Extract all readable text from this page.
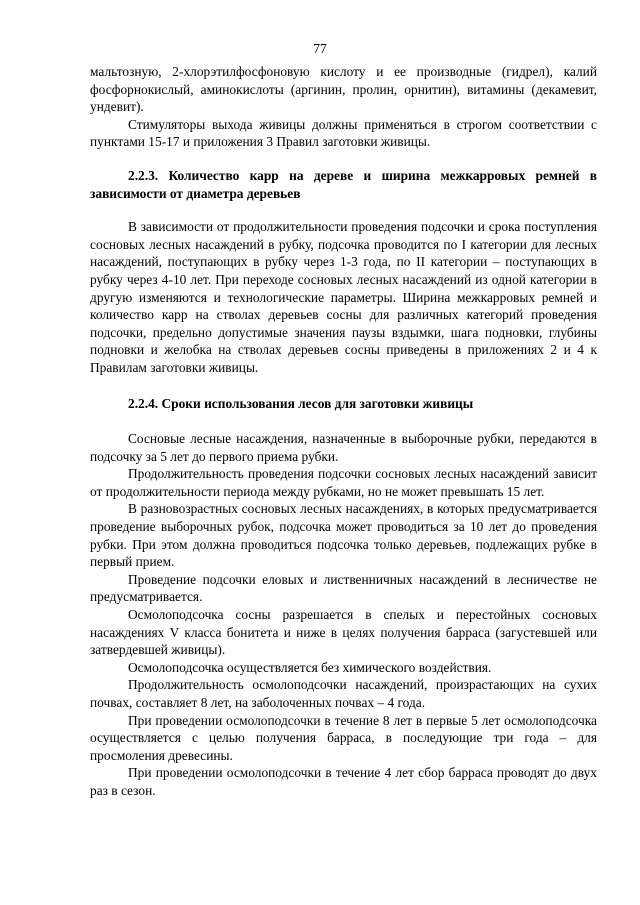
77

мальтозную, 2-хлорэтилфосфоновую кислоту и ее производные (гидрел), калий фосфорнокислый, аминокислоты (аргинин, пролин, орнитин), витамины (декамевит, ундевит).

Стимуляторы выхода живицы должны применяться в строгом соответствии с пунктами 15-17 и приложения 3 Правил заготовки живицы.

2.2.3. Количество карр на дереве и ширина межкарровых ремней в зависимости от диаметра деревьев

В зависимости от продолжительности проведения подсочки и срока поступления сосновых лесных насаждений в рубку, подсочка проводится по I категории для лесных насаждений, поступающих в рубку через 1-3 года, по II категории – поступающих в рубку через 4-10 лет. При переходе сосновых лесных насаждений из одной категории в другую изменяются и технологические параметры. Ширина межкарровых ремней и количество карр на стволах деревьев сосны для различных категорий проведения подсочки, предельно допустимые значения паузы вздымки, шага подновки, глубины подновки и желобка на стволах деревьев сосны приведены в приложениях 2 и 4 к Правилам заготовки живицы.

2.2.4. Сроки использования лесов для заготовки живицы

Сосновые лесные насаждения, назначенные в выборочные рубки, передаются в подсочку за 5 лет до первого приема рубки.

Продолжительность проведения подсочки сосновых лесных насаждений зависит от продолжительности периода между рубками, но не может превышать 15 лет.

В разновозрастных сосновых лесных насаждениях, в которых предусматривается проведение выборочных рубок, подсочка может проводиться за 10 лет до проведения рубки. При этом должна проводиться подсочка только деревьев, подлежащих рубке в первый прием.

Проведение подсочки еловых и лиственничных насаждений в лесничестве не предусматривается.

Осмолоподсочка сосны разрешается в спелых и перестойных сосновых насаждениях V класса бонитета и ниже в целях получения барраса (загустевшей или затвердевшей живицы).

Осмолоподсочка осуществляется без химического воздействия.

Продолжительность осмолоподсочки насаждений, произрастающих на сухих почвах, составляет 8 лет, на заболоченных почвах – 4 года.

При проведении осмолоподсочки в течение 8 лет в первые 5 лет осмолоподсочка осуществляется с целью получения барраса, в последующие три года – для просмоления древесины.

При проведении осмолоподсочки в течение 4 лет сбор барраса проводят до двух раз в сезон.
